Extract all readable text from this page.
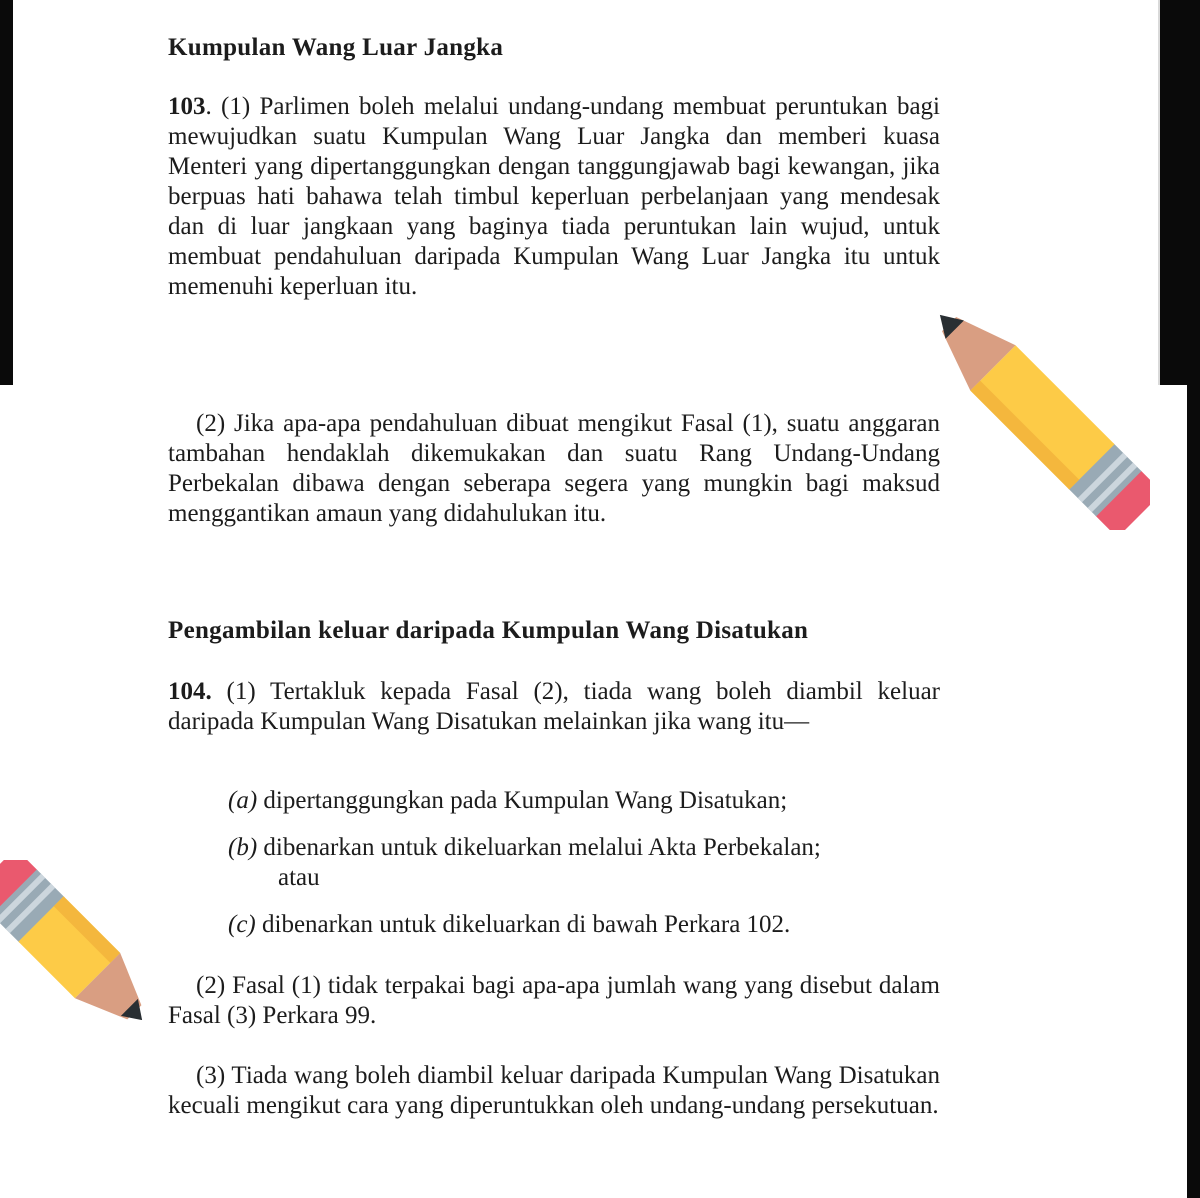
Kumpulan Wang Luar Jangka

103. (1) Parlimen boleh melalui undang-undang membuat peruntukan bagi mewujudkan suatu Kumpulan Wang Luar Jangka dan memberi kuasa Menteri yang dipertanggungkan dengan tanggungjawab bagi kewangan, jika berpuas hati bahawa telah timbul keperluan perbelanjaan yang mendesak dan di luar jangkaan yang baginya tiada peruntukan lain wujud, untuk membuat pendahuluan daripada Kumpulan Wang Luar Jangka itu untuk memenuhi keperluan itu.

(2) Jika apa-apa pendahuluan dibuat mengikut Fasal (1), suatu anggaran tambahan hendaklah dikemukakan dan suatu Rang Undang-Undang Perbekalan dibawa dengan seberapa segera yang mungkin bagi maksud menggantikan amaun yang didahulukan itu.

Pengambilan keluar daripada Kumpulan Wang Disatukan

104. (1) Tertakluk kepada Fasal (2), tiada wang boleh diambil keluar daripada Kumpulan Wang Disatukan melainkan jika wang itu—

(a) dipertanggungkan pada Kumpulan Wang Disatukan;

(b) dibenarkan untuk dikeluarkan melalui Akta Perbekalan;
atau

(c) dibenarkan untuk dikeluarkan di bawah Perkara 102.

(2) Fasal (1) tidak terpakai bagi apa-apa jumlah wang yang disebut dalam Fasal (3) Perkara 99.

(3) Tiada wang boleh diambil keluar daripada Kumpulan Wang Disatukan kecuali mengikut cara yang diperuntukkan oleh undang-undang persekutuan.
